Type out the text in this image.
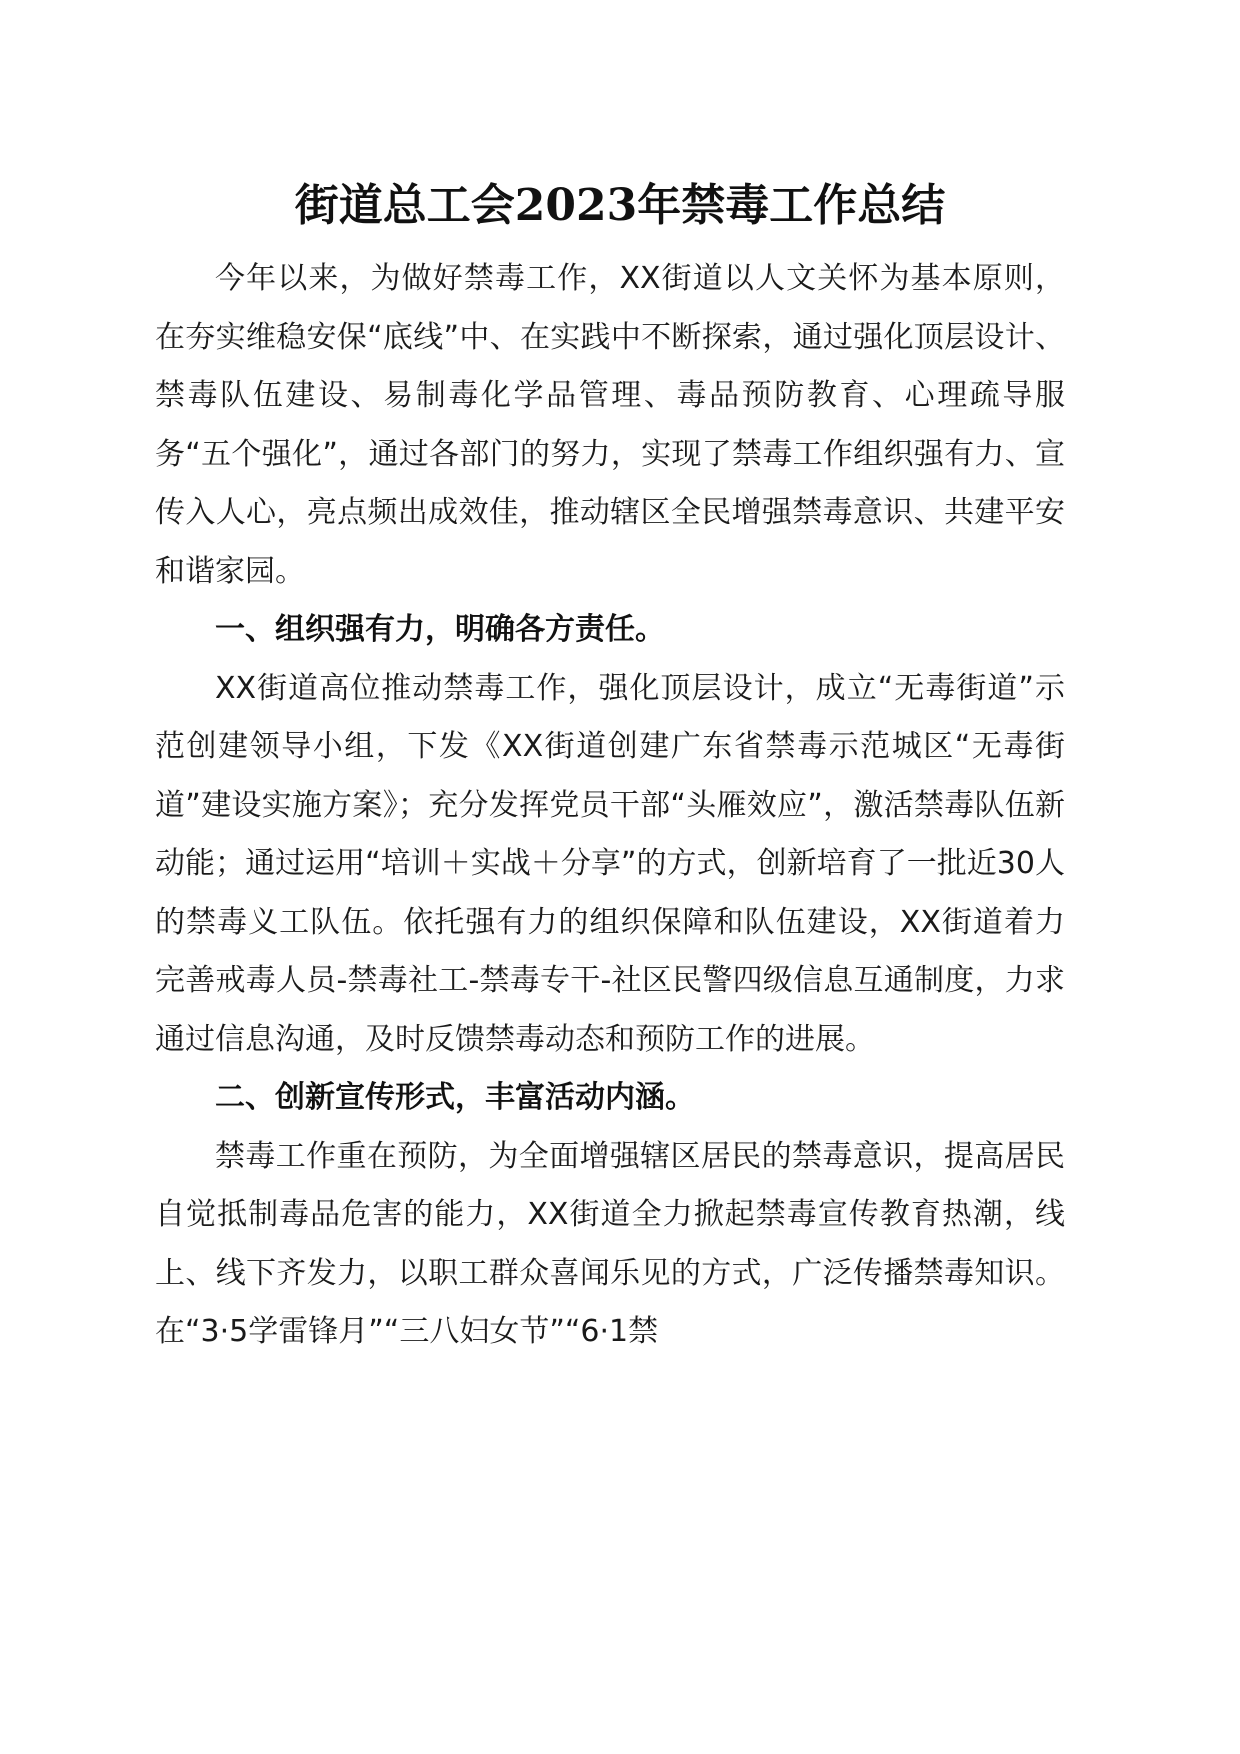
街道总工会2023年禁毒工作总结

今年以来，为做好禁毒工作，XX街道以人文关怀为基本原则，在夯实维稳安保“底线”中、在实践中不断探索，通过强化顶层设计、禁毒队伍建设、易制毒化学品管理、毒品预防教育、心理疏导服务“五个强化”，通过各部门的努力，实现了禁毒工作组织强有力、宣传入人心，亮点频出成效佳，推动辖区全民增强禁毒意识、共建平安和谐家园。

一、组织强有力，明确各方责任。

XX街道高位推动禁毒工作，强化顶层设计，成立“无毒街道”示范创建领导小组，下发《XX街道创建广东省禁毒示范城区“无毒街道”建设实施方案》；充分发挥党员干部“头雁效应”，激活禁毒队伍新动能；通过运用“培训＋实战＋分享”的方式，创新培育了一批近30人的禁毒义工队伍。依托强有力的组织保障和队伍建设，XX街道着力完善戒毒人员-禁毒社工-禁毒专干-社区民警四级信息互通制度，力求通过信息沟通，及时反馈禁毒动态和预防工作的进展。

二、创新宣传形式，丰富活动内涵。

禁毒工作重在预防，为全面增强辖区居民的禁毒意识，提高居民自觉抵制毒品危害的能力，XX街道全力掀起禁毒宣传教育热潮，线上、线下齐发力，以职工群众喜闻乐见的方式，广泛传播禁毒知识。在“3·5学雷锋月”“三八妇女节”“6·1禁
